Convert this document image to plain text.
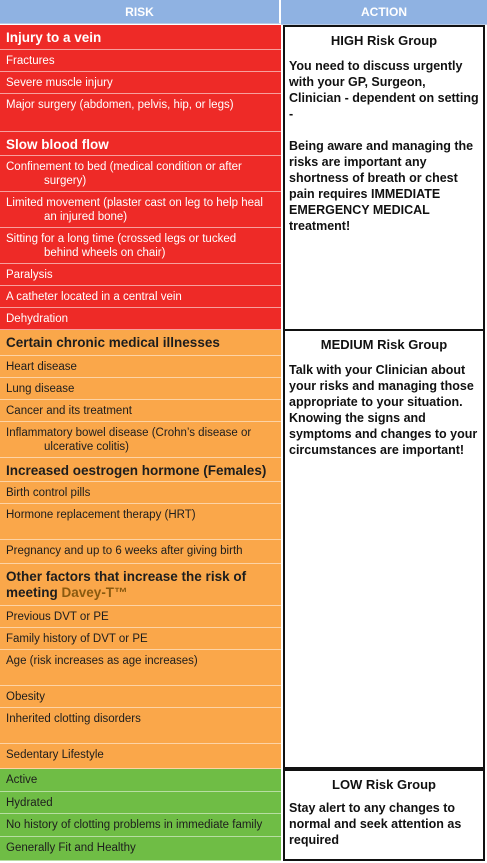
RISK	ACTION
Injury to a vein
Fractures
Severe muscle injury
Major surgery (abdomen, pelvis, hip, or legs)
Slow blood flow
Confinement to bed (medical condition or after
surgery)
Limited movement (plaster cast on leg to help heal
an injured bone)
Sitting for a long time (crossed legs or tucked
behind wheels on chair)
Paralysis
A catheter located in a central vein
Dehydration
Certain chronic medical illnesses
Heart disease
Lung disease
Cancer and its treatment
Inflammatory bowel disease (Crohn’s disease or
ulcerative colitis)
Increased oestrogen hormone (Females)
Birth control pills
Hormone replacement therapy (HRT)
Pregnancy and up to 6 weeks after giving birth
Other factors that increase the risk of meeting Davey-T™
Previous DVT or PE
Family history of DVT or PE
Age (risk increases as age increases)
Obesity
Inherited clotting disorders
Sedentary Lifestyle
Active
Hydrated
No history of clotting problems in immediate family
Generally Fit and Healthy
HIGH Risk Group

You need to discuss urgently with your GP, Surgeon, Clinician - dependent on setting -

Being aware and managing the risks are important any shortness of breath or chest pain requires IMMEDIATE EMERGENCY MEDICAL treatment!

MEDIUM Risk Group

Talk with your Clinician about your risks and managing those appropriate to your situation. Knowing the signs and symptoms and changes to your circumstances are important!

LOW Risk Group

Stay alert to any changes to normal and seek attention as required
